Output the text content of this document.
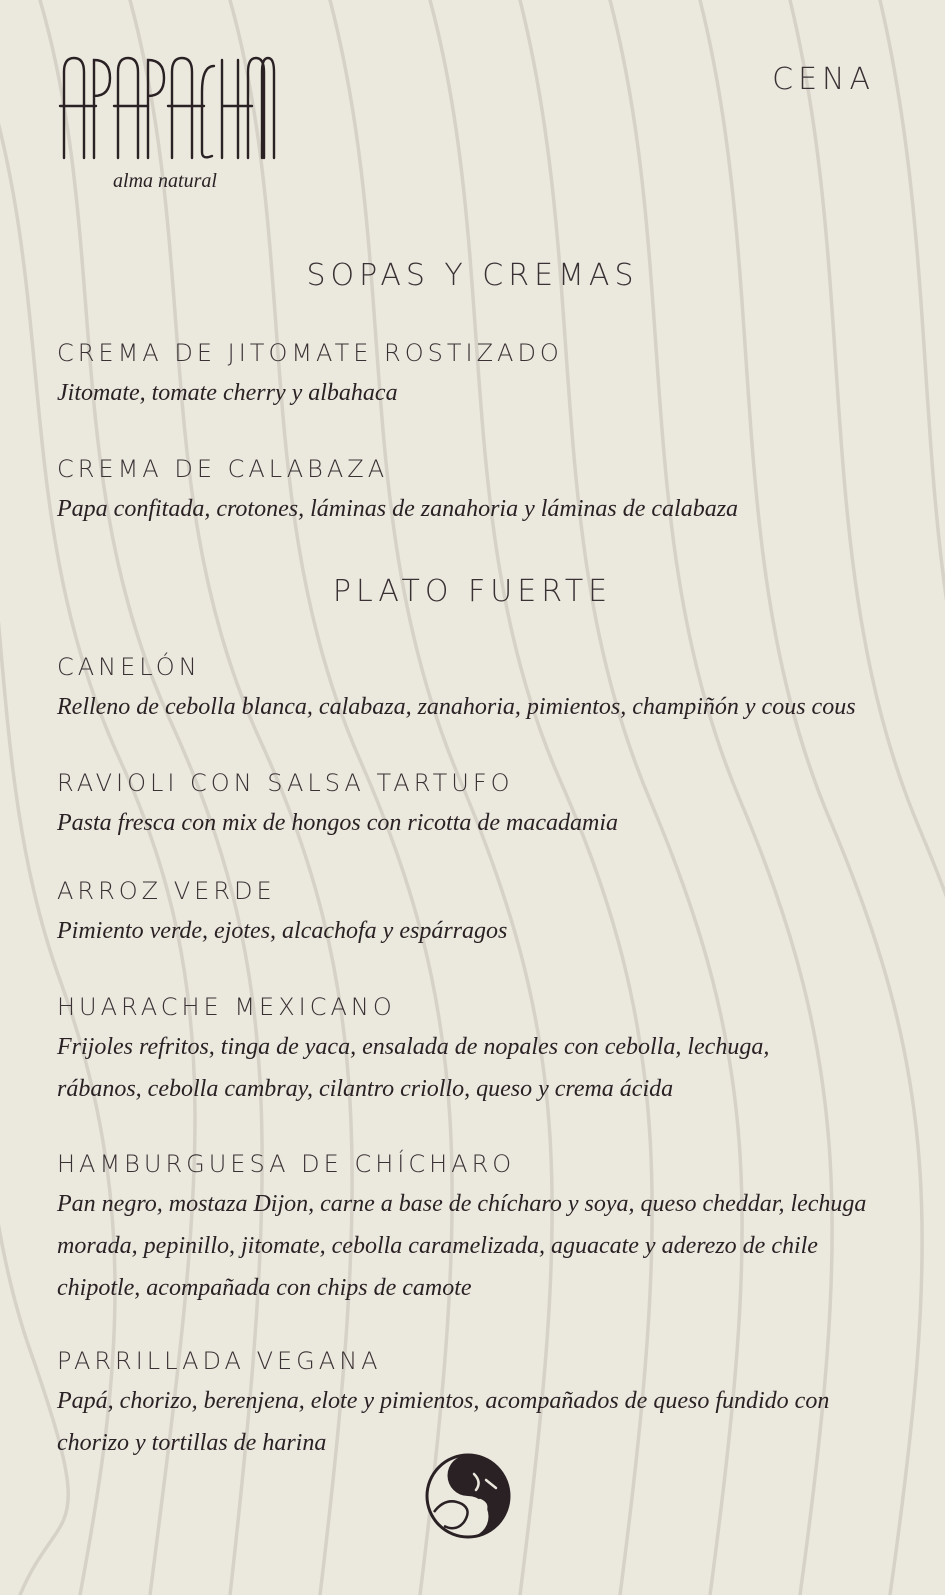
alma natural
CENA
SOPAS Y CREMAS
CREMA DE JITOMATE ROSTIZADO
Jitomate, tomate cherry y albahaca
CREMA DE CALABAZA
Papa confitada, crotones, láminas de zanahoria y láminas de calabaza
PLATO FUERTE
CANELÓN
Relleno de cebolla blanca, calabaza, zanahoria, pimientos, champiñón y cous cous
RAVIOLI CON SALSA TARTUFO
Pasta fresca con mix de hongos con ricotta de macadamia
ARROZ VERDE
Pimiento verde, ejotes, alcachofa y espárragos
HUARACHE MEXICANO
Frijoles refritos, tinga de yaca, ensalada de nopales con cebolla, lechuga, rábanos, cebolla cambray, cilantro criollo, queso y crema ácida
HAMBURGUESA DE CHÍCHARO
Pan negro, mostaza Dijon, carne a base de chícharo y soya, queso cheddar, lechuga morada, pepinillo, jitomate, cebolla caramelizada, aguacate y aderezo de chile chipotle, acompañada con chips de camote
PARRILLADA VEGANA
Papá, chorizo, berenjena, elote y pimientos, acompañados de queso fundido con chorizo y tortillas de harina
